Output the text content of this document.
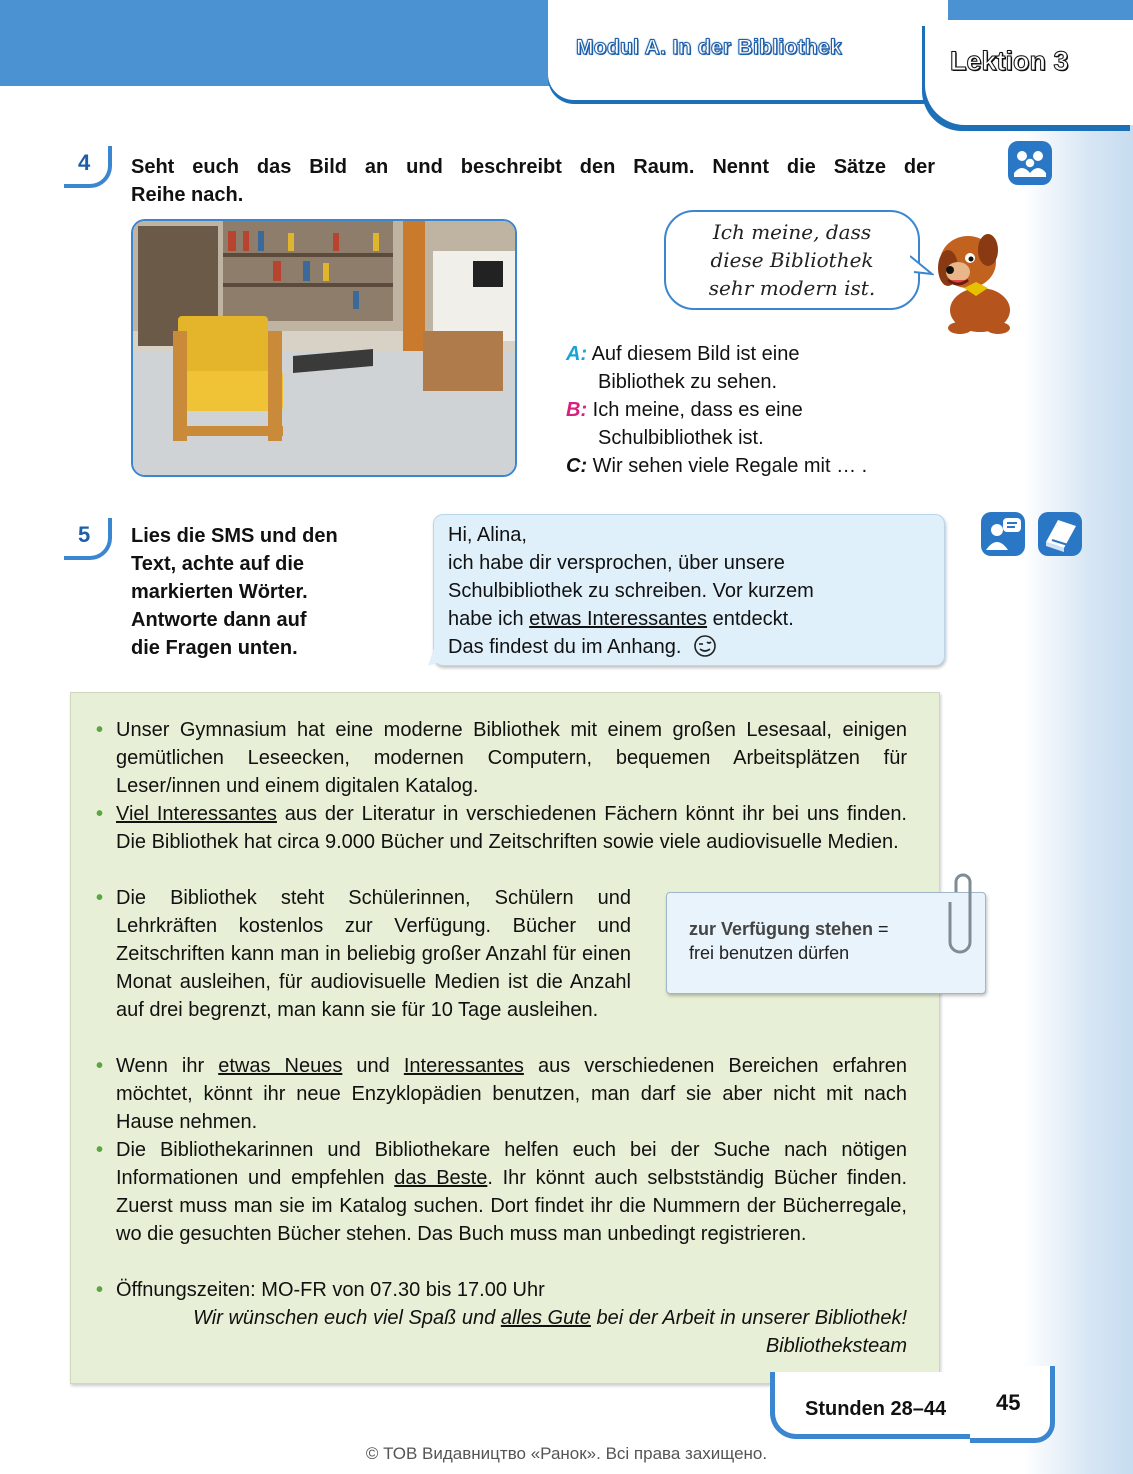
Modul A. In der Bibliothek	Lektion 3
4 Seht euch das Bild an und beschreibt den Raum. Nennt die Sätze der
Reihe nach.
Ich meine, dass
diese Bibliothek
sehr modern ist.
A: Auf diesem Bild ist eine
Bibliothek zu sehen.
B: Ich meine, dass es eine
Schulbibliothek ist.
C: Wir sehen viele Regale mit … .
5 Lies die SMS und den
Text, achte auf die
markierten Wörter.
Antworte dann auf
die Fragen unten.
Hi, Alina,
ich habe dir versprochen, über unsere
Schulbibliothek zu schreiben. Vor kurzem
habe ich etwas Interessantes entdeckt.
Das findest du im Anhang.
• Unser Gymnasium hat eine moderne Bibliothek mit einem großen Lesesaal, einigen gemütlichen Leseecken, modernen Computern, bequemen Arbeitsplätzen für Leser/innen und einem digitalen Katalog.
• Viel Interessantes aus der Literatur in verschiedenen Fächern könnt ihr bei uns finden. Die Bibliothek hat circa 9.000 Bücher und Zeitschriften sowie viele audiovisuelle Medien.
• Die Bibliothek steht Schülerinnen, Schülern und Lehrkräften kostenlos zur Verfügung. Bücher und Zeitschriften kann man in beliebig großer Anzahl für einen Monat ausleihen, für audiovisuelle Medien ist die Anzahl auf drei begrenzt, man kann sie für 10 Tage ausleihen.
• Wenn ihr etwas Neues und Interessantes aus verschiedenen Bereichen erfahren möchtet, könnt ihr neue Enzyklopädien benutzen, man darf sie aber nicht mit nach Hause nehmen.
• Die Bibliothekarinnen und Bibliothekare helfen euch bei der Suche nach nötigen Informationen und empfehlen das Beste. Ihr könnt auch selbstständig Bücher finden. Zuerst muss man sie im Katalog suchen. Dort findet ihr die Nummern der Bücherregale, wo die gesuchten Bücher stehen. Das Buch muss man unbedingt registrieren.
• Öffnungszeiten: MO-FR von 07.30 bis 17.00 Uhr
Wir wünschen euch viel Spaß und alles Gute bei der Arbeit in unserer Bibliothek!
Bibliotheksteam
zur Verfügung stehen =
frei benutzen dürfen
Stunden 28–44 45
© ТОВ Видавництво «Ранок». Всі права захищено.
